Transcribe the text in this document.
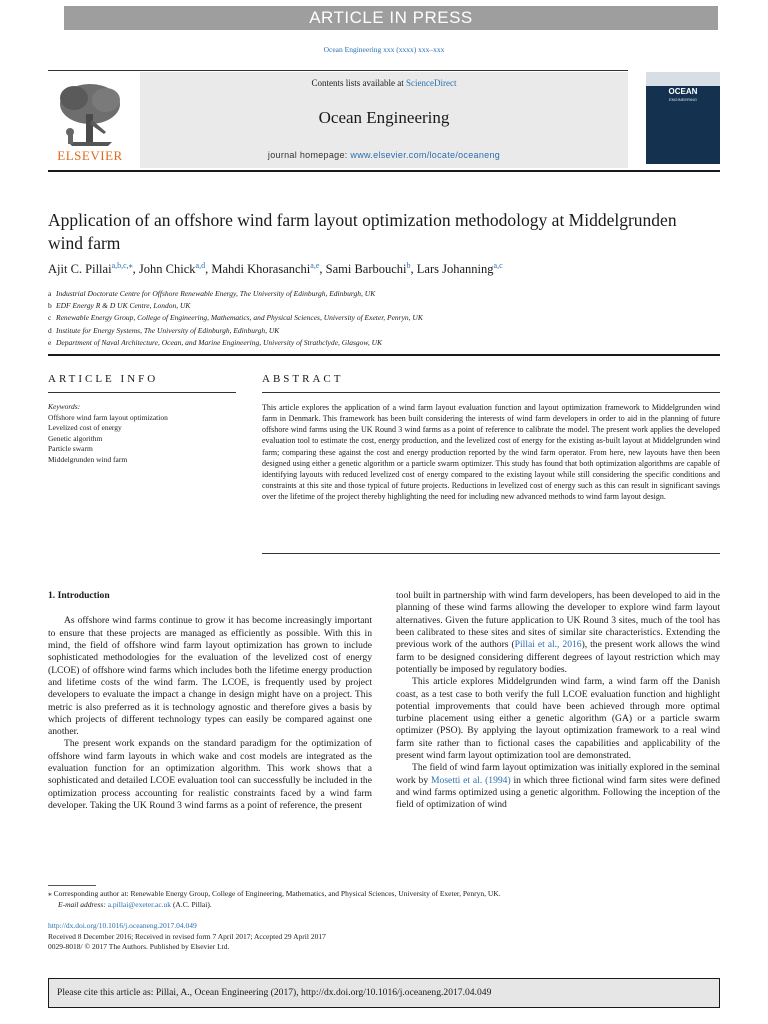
ARTICLE IN PRESS
Ocean Engineering xxx (xxxx) xxx–xxx
ELSEVIER
Contents lists available at ScienceDirect
Ocean Engineering
journal homepage: www.elsevier.com/locate/oceaneng
OCEAN
ENGINEERING
Application of an offshore wind farm layout optimization methodology at Middelgrunden wind farm
Ajit C. Pillai$^{a,b,c,⁎}$, John Chick$^{a,d}$, Mahdi Khorasanchi$^{a,e}$, Sami Barbouchi$^b$, Lars Johanning$^{a,c}$
a Industrial Doctorate Centre for Offshore Renewable Energy, The University of Edinburgh, Edinburgh, UK
b EDF Energy R & D UK Centre, London, UK
c Renewable Energy Group, College of Engineering, Mathematics, and Physical Sciences, University of Exeter, Penryn, UK
d Institute for Energy Systems, The University of Edinburgh, Edinburgh, UK
e Department of Naval Architecture, Ocean, and Marine Engineering, University of Strathclyde, Glasgow, UK
ARTICLE INFO	ABSTRACT
Keywords:
Offshore wind farm layout optimization
Levelized cost of energy
Genetic algorithm
Particle swarm
Middelgrunden wind farm
This article explores the application of a wind farm layout evaluation function and layout optimization framework to Middelgrunden wind farm in Denmark. This framework has been built considering the interests of wind farm developers in order to aid in the planning of future offshore wind farms using the UK Round 3 wind farms as a point of reference to calibrate the model. The present work applies the developed evaluation tool to estimate the cost, energy production, and the levelized cost of energy for the existing as-built layout at Middelgrunden wind farm; comparing these against the cost and energy production reported by the wind farm operator. From here, new layouts have then been designed using either a genetic algorithm or a particle swarm optimizer. This study has found that both optimization algorithms are capable of identifying layouts with reduced levelized cost of energy compared to the existing layout while still considering the specific conditions and constraints at this site and those typical of future projects. Reductions in levelized cost of energy such as this can result in significant savings over the lifetime of the project thereby highlighting the need for including new advanced methods to wind farm layout design.
1. Introduction

As offshore wind farms continue to grow it has become increasingly important to ensure that these projects are managed as efficiently as possible. With this in mind, the field of offshore wind farm layout optimization has grown to include sophisticated methodologies for the evaluation of the levelized cost of energy (LCOE) of offshore wind farms which includes both the lifetime energy production and lifetime costs of the wind farm. The LCOE, is frequently used by project developers to evaluate the impact a change in design might have on a project. This metric is also preferred as it is technology agnostic and therefore gives a basis by which projects of different technology types can easily be compared against one another.

The present work expands on the standard paradigm for the optimization of offshore wind farm layouts in which wake and cost models are integrated as the evaluation function for an optimization algorithm. This work shows that a sophisticated and detailed LCOE evaluation tool can successfully be included in the optimization process accounting for realistic constraints faced by a wind farm developer. Taking the UK Round 3 wind farms as a point of reference, the present

tool built in partnership with wind farm developers, has been developed to aid in the planning of these wind farms allowing the developer to explore wind farm layout alternatives. Given the future application to UK Round 3 sites, much of the tool has been calibrated to these sites and sites of similar site characteristics. Extending the previous work of the authors (Pillai et al., 2016), the present work allows the wind farm to be designed considering different degrees of layout restriction which may potentially be imposed by regulatory bodies.

This article explores Middelgrunden wind farm, a wind farm off the Danish coast, as a test case to both verify the full LCOE evaluation function and highlight potential improvements that could have been achieved through more optimal turbine placement using either a genetic algorithm (GA) or a particle swarm optimizer (PSO). By applying the layout optimization framework to a real wind farm site rather than to fictional cases the capabilities and applicability of the present wind farm layout optimization tool are demonstrated.

The field of wind farm layout optimization was initially explored in the seminal work by Mosetti et al. (1994) in which three fictional wind farm sites were defined and wind farms optimized using a genetic algorithm. Following the inception of the field of optimization of wind

⁎ Corresponding author at: Renewable Energy Group, College of Engineering, Mathematics, and Physical Sciences, University of Exeter, Penryn, UK.
E-mail address: a.pillai@exeter.ac.uk (A.C. Pillai).
http://dx.doi.org/10.1016/j.oceaneng.2017.04.049
Received 8 December 2016; Received in revised form 7 April 2017; Accepted 29 April 2017
0029-8018/ © 2017 The Authors. Published by Elsevier Ltd.
Please cite this article as: Pillai, A., Ocean Engineering (2017), http://dx.doi.org/10.1016/j.oceaneng.2017.04.049
